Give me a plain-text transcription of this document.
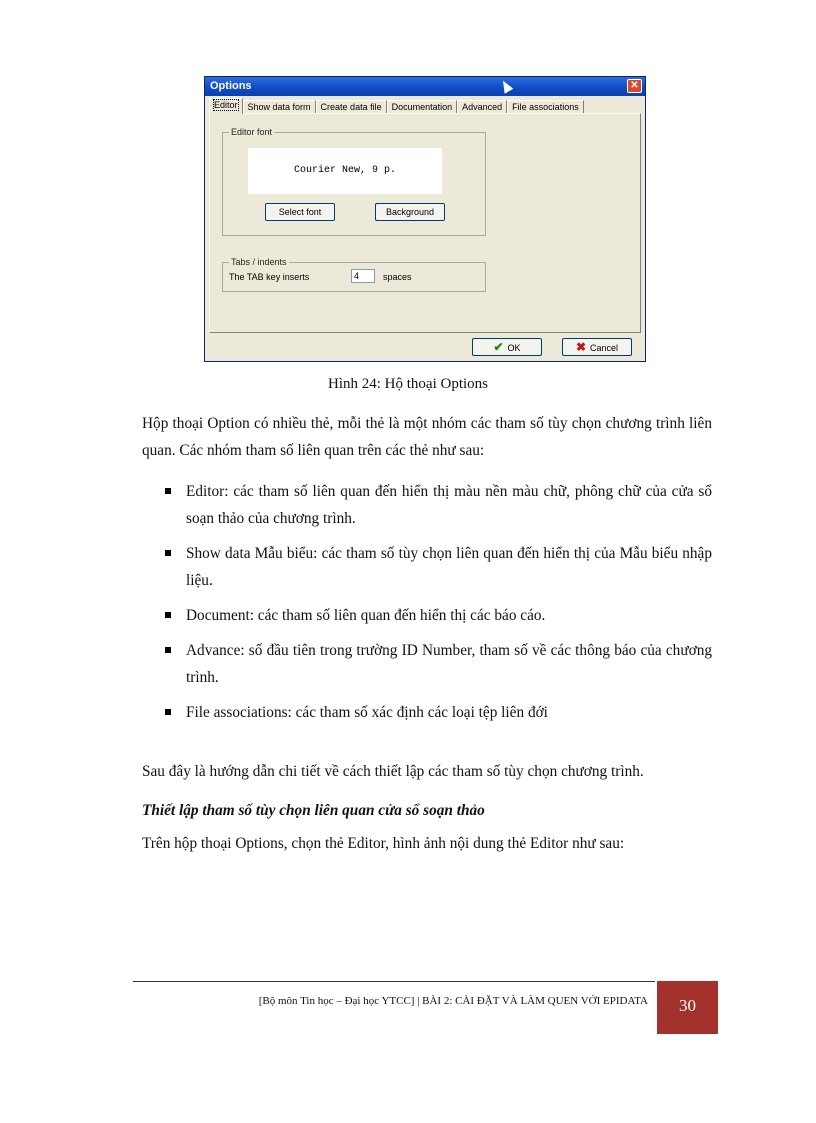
Options	✕
Editor	Show data form	Create data file	Documentation	Advanced	File associations
Editor font
Courier New, 9 p.
Select font	Background
Tabs / indents
The TAB key inserts	4	spaces
✔ OK	✖ Cancel
Hình 24: Hộ thoại Options

Hộp thoại Option có nhiều thẻ, mỗi thẻ là một nhóm các tham số tùy chọn chương trình liên quan. Các nhóm tham số liên quan trên các thẻ như sau:

Editor: các tham số liên quan đến hiển thị màu nền màu chữ, phông chữ của cửa sổ soạn thảo của chương trình.
Show data Mẫu biểu: các tham số tùy chọn liên quan đến hiển thị của Mẫu biểu nhập liệu.
Document: các tham số liên quan đến hiển thị các báo cáo.
Advance: số đầu tiên trong trường ID Number, tham số về các thông báo của chương trình.
File associations: các tham số xác định các loại tệp liên đới

Sau đây là hướng dẫn chi tiết về cách thiết lập các tham số tùy chọn chương trình.

Thiết lập tham số tùy chọn liên quan cửa sổ soạn thảo

Trên hộp thoại Options, chọn thẻ Editor, hình ảnh nội dung thẻ Editor như sau:

[Bộ môn Tin học – Đại học YTCC] | BÀI 2: CÀI ĐẶT VÀ LÀM QUEN VỚI EPIDATA	30
